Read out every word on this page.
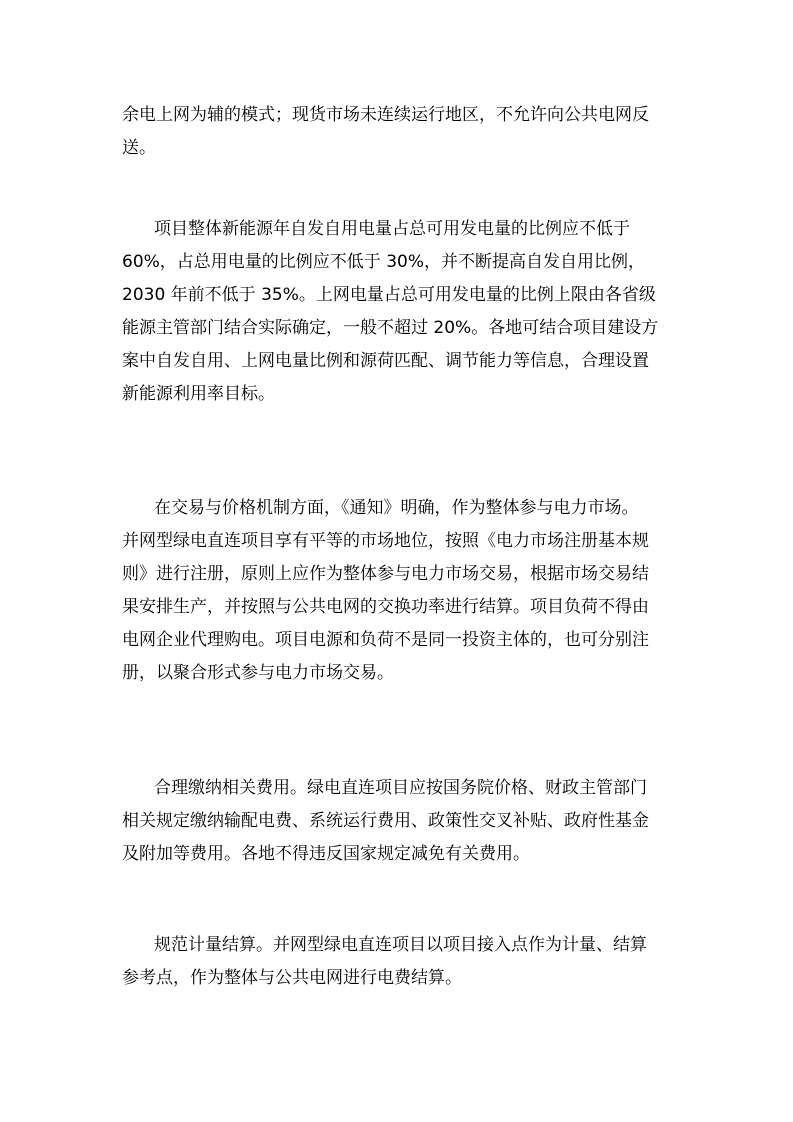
余电上网为辅的模式；现货市场未连续运行地区，不允许向公共电网反
送。
项目整体新能源年自发自用电量占总可用发电量的比例应不低于
60%，占总用电量的比例应不低于 30%，并不断提高自发自用比例，
2030 年前不低于 35%。上网电量占总可用发电量的比例上限由各省级
能源主管部门结合实际确定，一般不超过 20%。各地可结合项目建设方
案中自发自用、上网电量比例和源荷匹配、调节能力等信息，合理设置
新能源利用率目标。
在交易与价格机制方面，《通知》明确，作为整体参与电力市场。
并网型绿电直连项目享有平等的市场地位，按照《电力市场注册基本规
则》进行注册，原则上应作为整体参与电力市场交易，根据市场交易结
果安排生产，并按照与公共电网的交换功率进行结算。项目负荷不得由
电网企业代理购电。项目电源和负荷不是同一投资主体的，也可分别注
册，以聚合形式参与电力市场交易。
合理缴纳相关费用。绿电直连项目应按国务院价格、财政主管部门
相关规定缴纳输配电费、系统运行费用、政策性交叉补贴、政府性基金
及附加等费用。各地不得违反国家规定减免有关费用。
规范计量结算。并网型绿电直连项目以项目接入点作为计量、结算
参考点，作为整体与公共电网进行电费结算。
